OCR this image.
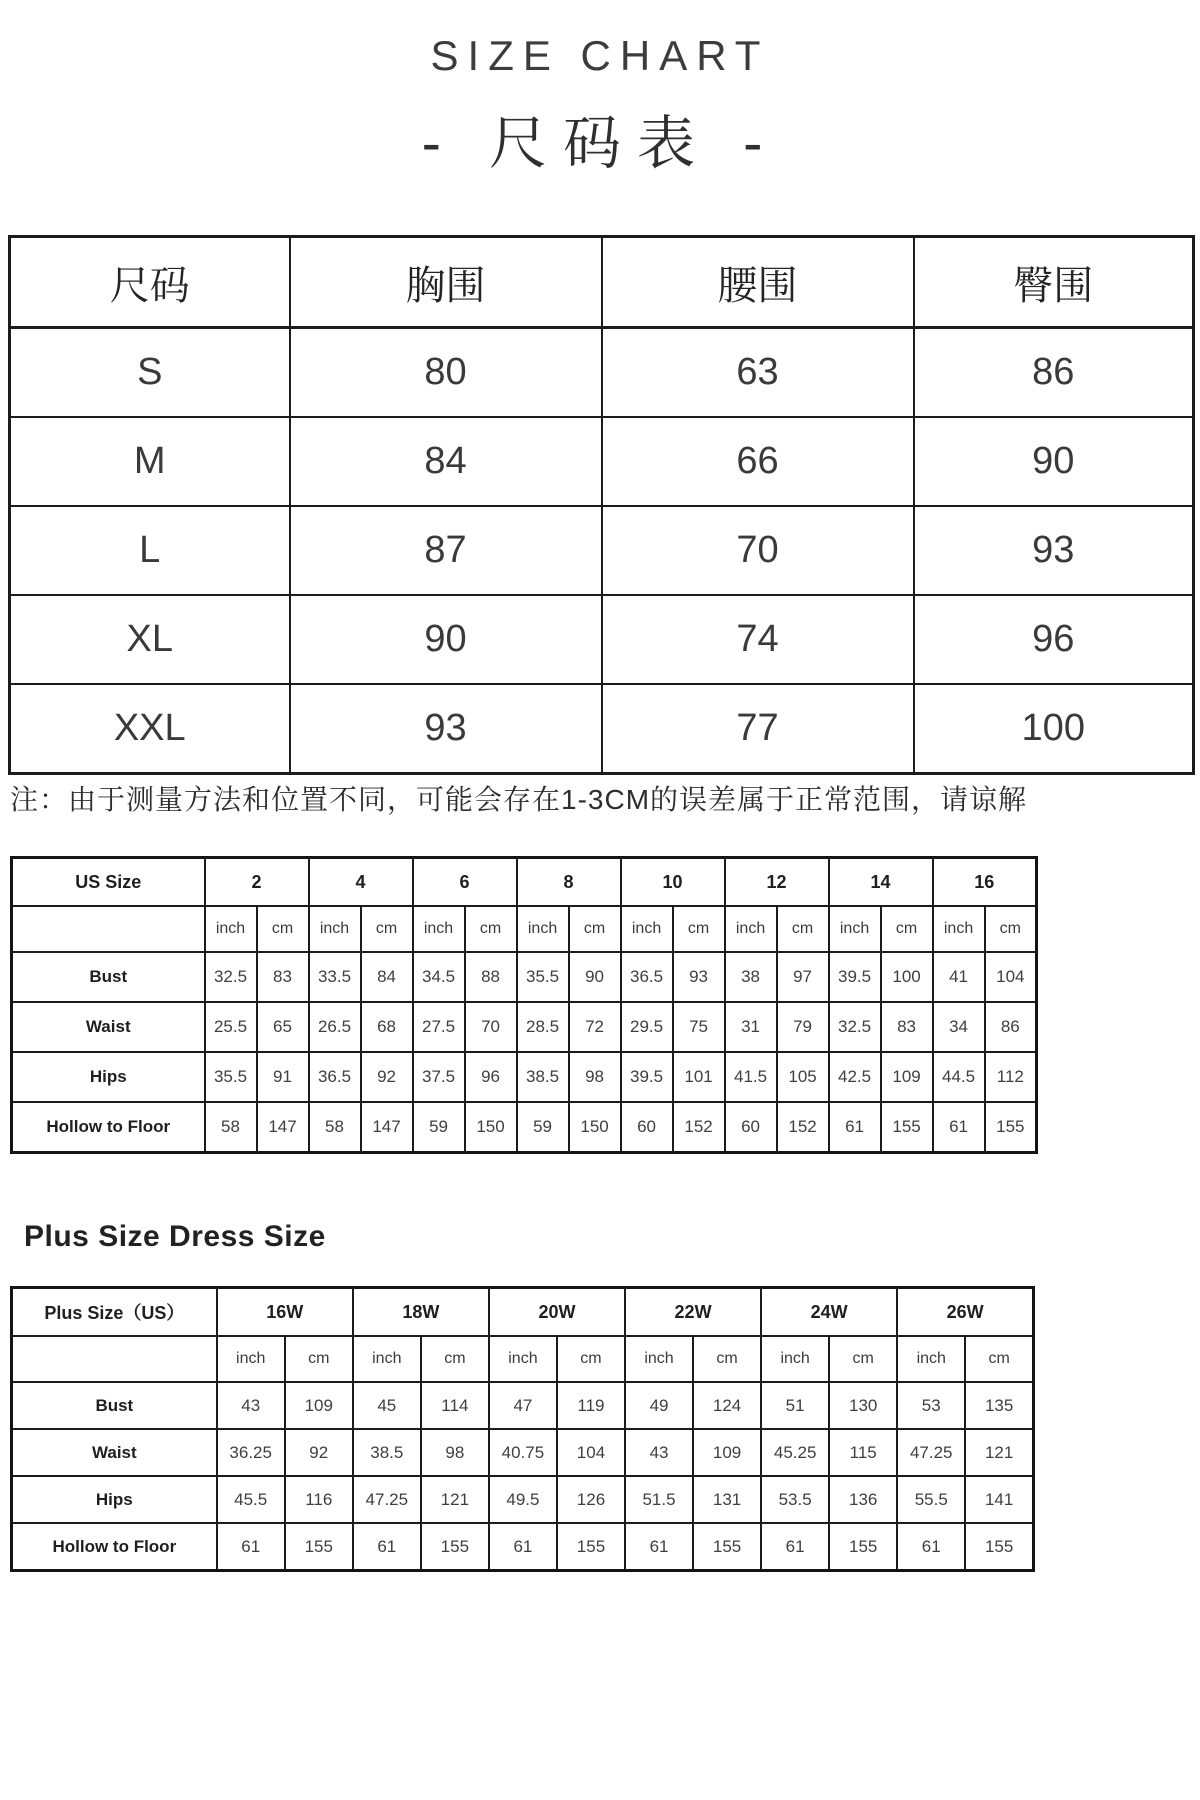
SIZE CHART
- 尺码表 -
尺码	胸围	腰围	臀围
S	80	63	86
M	84	66	90
L	87	70	93
XL	90	74	96
XXL	93	77	100
注：由于测量方法和位置不同，可能会存在1-3CM的误差属于正常范围，请谅解
US Size	2		4		6		8		10		12		14		16	
	inch	cm	inch	cm	inch	cm	inch	cm	inch	cm	inch	cm	inch	cm	inch	cm
Bust	32.5	83	33.5	84	34.5	88	35.5	90	36.5	93	38	97	39.5	100	41	104
Waist	25.5	65	26.5	68	27.5	70	28.5	72	29.5	75	31	79	32.5	83	34	86
Hips	35.5	91	36.5	92	37.5	96	38.5	98	39.5	101	41.5	105	42.5	109	44.5	112
Hollow to Floor	58	147	58	147	59	150	59	150	60	152	60	152	61	155	61	155
Plus Size Dress Size
Plus Size（US）	16W		18W		20W		22W		24W		26W	
	inch	cm	inch	cm	inch	cm	inch	cm	inch	cm	inch	cm
Bust	43	109	45	114	47	119	49	124	51	130	53	135
Waist	36.25	92	38.5	98	40.75	104	43	109	45.25	115	47.25	121
Hips	45.5	116	47.25	121	49.5	126	51.5	131	53.5	136	55.5	141
Hollow to Floor	61	155	61	155	61	155	61	155	61	155	61	155
